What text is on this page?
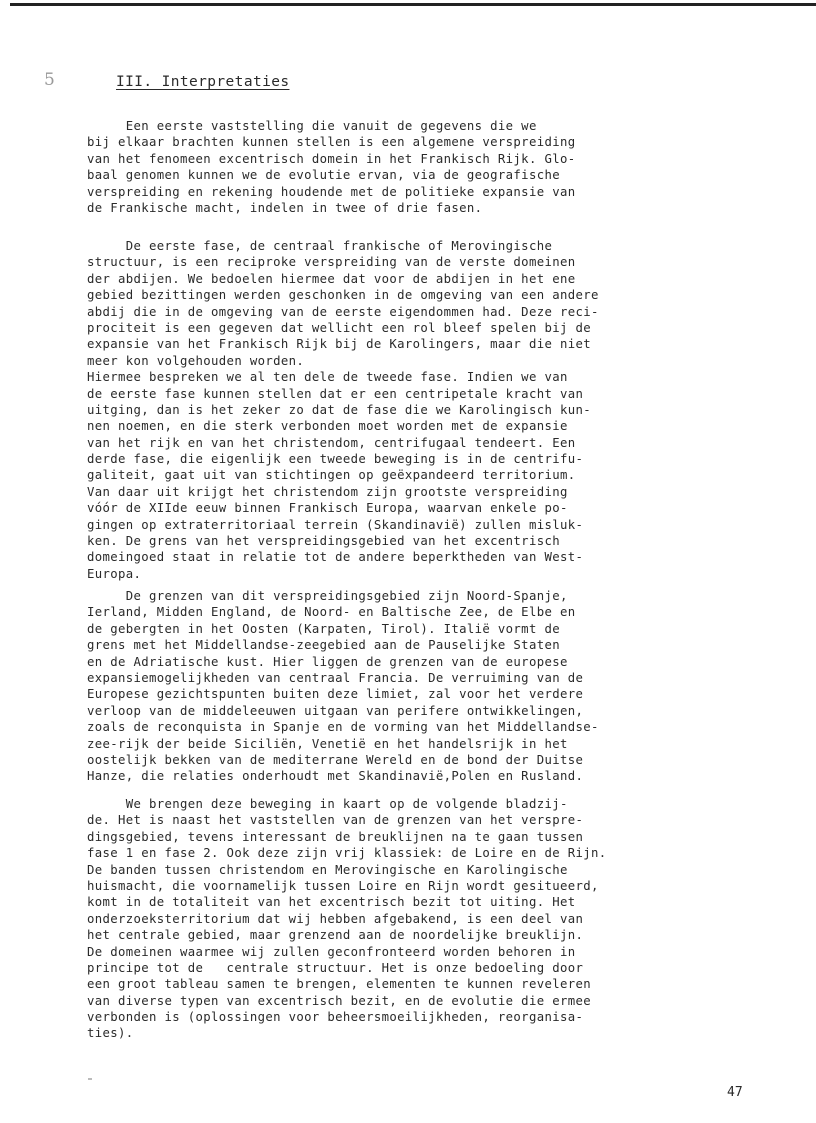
5	III. Interpretaties
Een eerste vaststelling die vanuit de gegevens die we
bij elkaar brachten kunnen stellen is een algemene verspreiding
van het fenomeen excentrisch domein in het Frankisch Rijk. Glo-
baal genomen kunnen we de evolutie ervan, via de geografische
verspreiding en rekening houdende met de politieke expansie van
de Frankische macht, indelen in twee of drie fasen.
De eerste fase, de centraal frankische of Merovingische
structuur, is een reciproke verspreiding van de verste domeinen
der abdijen. We bedoelen hiermee dat voor de abdijen in het ene
gebied bezittingen werden geschonken in de omgeving van een andere
abdij die in de omgeving van de eerste eigendommen had. Deze reci-
prociteit is een gegeven dat wellicht een rol bleef spelen bij de
expansie van het Frankisch Rijk bij de Karolingers, maar die niet
meer kon volgehouden worden.
Hiermee bespreken we al ten dele de tweede fase. Indien we van
de eerste fase kunnen stellen dat er een centripetale kracht van
uitging, dan is het zeker zo dat de fase die we Karolingisch kun-
nen noemen, en die sterk verbonden moet worden met de expansie
van het rijk en van het christendom, centrifugaal tendeert. Een
derde fase, die eigenlijk een tweede beweging is in de centrifu-
galiteit, gaat uit van stichtingen op geëxpandeerd territorium.
Van daar uit krijgt het christendom zijn grootste verspreiding
vóór de XIIde eeuw binnen Frankisch Europa, waarvan enkele po-
gingen op extraterritoriaal terrein (Skandinavië) zullen misluk-
ken. De grens van het verspreidingsgebied van het excentrisch
domeingoed staat in relatie tot de andere beperktheden van West-
Europa.
De grenzen van dit verspreidingsgebied zijn Noord-Spanje,
Ierland, Midden England, de Noord- en Baltische Zee, de Elbe en
de gebergten in het Oosten (Karpaten, Tirol). Italië vormt de
grens met het Middellandse-zeegebied aan de Pauselijke Staten
en de Adriatische kust. Hier liggen de grenzen van de europese
expansiemogelijkheden van centraal Francia. De verruiming van de
Europese gezichtspunten buiten deze limiet, zal voor het verdere
verloop van de middeleeuwen uitgaan van perifere ontwikkelingen,
zoals de reconquista in Spanje en de vorming van het Middellandse-
zee-rijk der beide Siciliën, Venetië en het handelsrijk in het
oostelijk bekken van de mediterrane Wereld en de bond der Duitse
Hanze, die relaties onderhoudt met Skandinavië,Polen en Rusland.
We brengen deze beweging in kaart op de volgende bladzij-
de. Het is naast het vaststellen van de grenzen van het verspre-
dingsgebied, tevens interessant de breuklijnen na te gaan tussen
fase 1 en fase 2. Ook deze zijn vrij klassiek: de Loire en de Rijn.
De banden tussen christendom en Merovingische en Karolingische
huismacht, die voornamelijk tussen Loire en Rijn wordt gesitueerd,
komt in de totaliteit van het excentrisch bezit tot uiting. Het
onderzoeksterritorium dat wij hebben afgebakend, is een deel van
het centrale gebied, maar grenzend aan de noordelijke breuklijn.
De domeinen waarmee wij zullen geconfronteerd worden behoren in
principe tot de   centrale structuur. Het is onze bedoeling door
een groot tableau samen te brengen, elementen te kunnen reveleren
van diverse typen van excentrisch bezit, en de evolutie die ermee
verbonden is (oplossingen voor beheersmoeilijkheden, reorganisa-
ties).
47
